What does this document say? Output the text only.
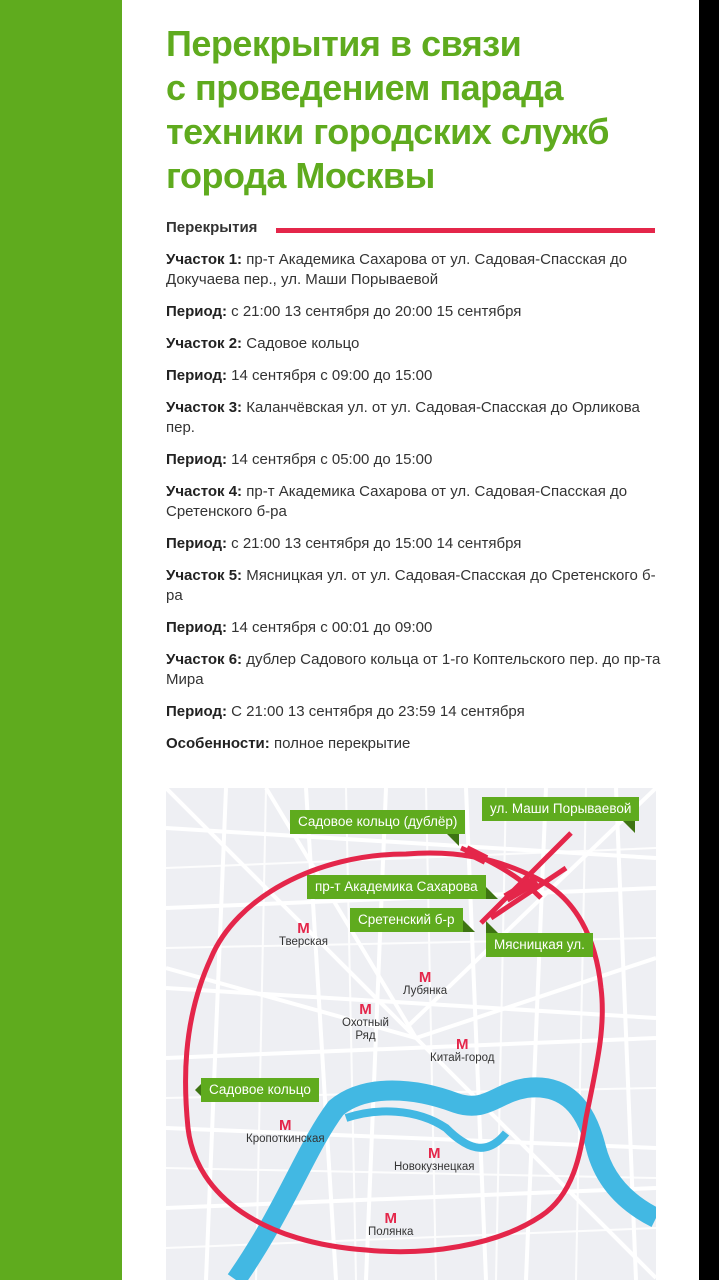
Перекрытия в связи
с проведением парада
техники городских служб
города Москвы
Перекрытия
Участок 1: пр-т Академика Сахарова от ул. Садовая-Спасская до Докучаева пер., ул. Маши Порываевой
Период: с 21:00 13 сентября до 20:00 15 сентября
Участок 2: Садовое кольцо
Период: 14 сентября с 09:00 до 15:00
Участок 3: Каланчёвская ул. от ул. Садовая-Спасская до Орликова пер.
Период: 14 сентября с 05:00 до 15:00
Участок 4: пр-т Академика Сахарова от ул. Садовая-Спасская до Сретенского б-ра
Период: с 21:00 13 сентября до 15:00 14 сентября
Участок 5: Мясницкая ул. от ул. Садовая-Спасская до Сретенского б-ра
Период: 14 сентября с 00:01 до 09:00
Участок 6: дублер Садового кольца от 1-го Коптельского пер. до пр-та Мира
Период: С 21:00 13 сентября до 23:59 14 сентября
Особенности: полное перекрытие
Садовое кольцо (дублёр)
ул. Маши Порываевой
пр-т Академика Сахарова
Сретенский б-р
Мясницкая ул.
Садовое кольцо
M
Тверская
M
Лубянка
M
Охотный
Ряд	M
Китай-город
M
Кропоткинская
M
Новокузнецкая
M
Полянка
